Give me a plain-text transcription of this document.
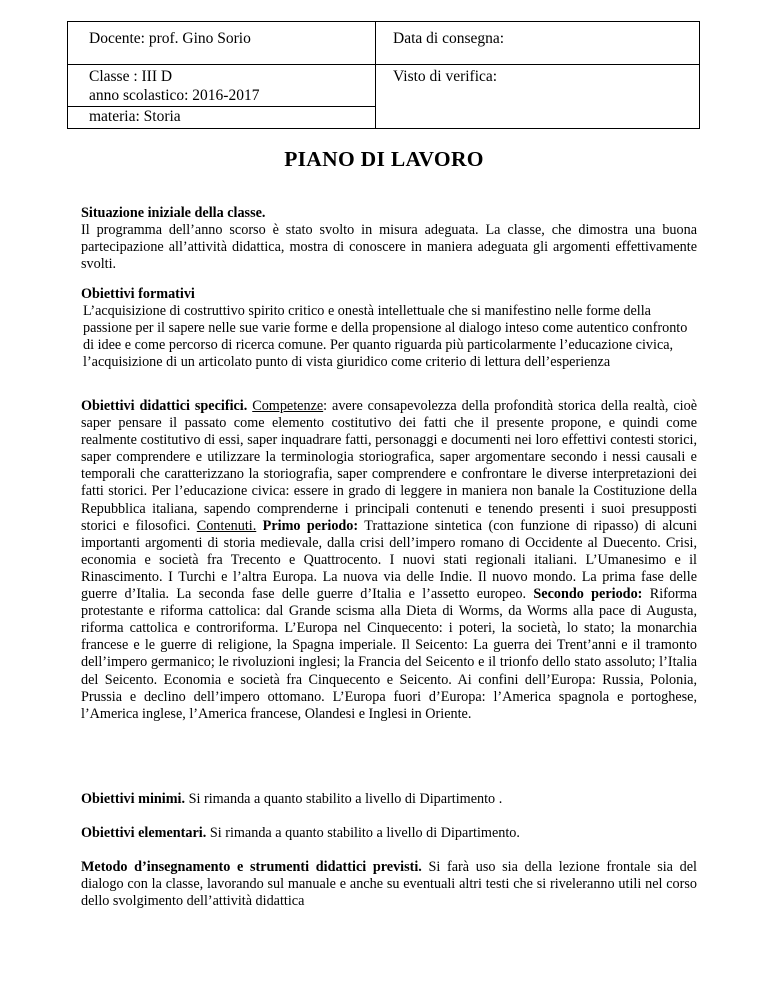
Docente: prof. Gino Sorio	Data di consegna:

Classe : III D
anno scolastico: 2016-2017
materia: Storia	Visto di verifica:
PIANO DI LAVORO

Situazione iniziale della classe.

Il programma dell’anno scorso è stato svolto in misura adeguata. La classe, che dimostra una buona partecipazione all’attività didattica, mostra di conoscere in maniera adeguata gli argomenti effettivamente svolti.

Obiettivi formativi

L’acquisizione di costruttivo spirito critico e onestà intellettuale che si manifestino nelle forme della passione per il sapere nelle sue varie forme e della propensione al dialogo inteso come autentico confronto di idee e come percorso di ricerca comune. Per quanto riguarda più particolarmente l’educazione civica, l’acquisizione di un articolato punto di vista giuridico come criterio di lettura dell’esperienza

Obiettivi didattici specifici. Competenze: avere consapevolezza della profondità storica della realtà, cioè saper pensare il passato come elemento costitutivo dei fatti che il presente propone, e quindi come realmente costitutivo di essi, saper inquadrare fatti, personaggi e documenti nei loro effettivi contesti storici, saper comprendere e utilizzare la terminologia storiografica, saper argomentare secondo i nessi causali e temporali che caratterizzano la storiografia, saper comprendere e confrontare le diverse interpretazioni dei fatti storici. Per l’educazione civica: essere in grado di leggere in maniera non banale la Costituzione della Repubblica italiana, sapendo comprenderne i principali contenuti e tenendo presenti i suoi presupposti storici e filosofici. Contenuti. Primo periodo: Trattazione sintetica (con funzione di ripasso) di alcuni importanti argomenti di storia medievale, dalla crisi dell’impero romano di Occidente al Duecento. Crisi, economia e società fra Trecento e Quattrocento. I nuovi stati regionali italiani. L’Umanesimo e il Rinascimento. I Turchi e l’altra Europa. La nuova via delle Indie. Il nuovo mondo. La prima fase delle guerre d’Italia. La seconda fase delle guerre d’Italia e l’assetto europeo. Secondo periodo: Riforma protestante e riforma cattolica: dal Grande scisma alla Dieta di Worms, da Worms alla pace di Augusta, riforma cattolica e controriforma. L’Europa nel Cinquecento: i poteri, la società, lo stato; la monarchia francese e le guerre di religione, la Spagna imperiale. Il Seicento: La guerra dei Trent’anni e il tramonto dell’impero germanico; le rivoluzioni inglesi; la Francia del Seicento e il trionfo dello stato assoluto; l’Italia del Seicento. Economia e società fra Cinquecento e Seicento. Ai confini dell’Europa: Russia, Polonia, Prussia e declino dell’impero ottomano. L’Europa fuori d’Europa: l’America spagnola e portoghese, l’America inglese, l’America francese, Olandesi e Inglesi in Oriente.

Obiettivi minimi. Si rimanda a quanto stabilito a livello di Dipartimento .

Obiettivi elementari. Si rimanda a quanto stabilito a livello di Dipartimento.

Metodo d’insegnamento e strumenti didattici previsti. Si farà uso sia della lezione frontale sia del dialogo con la classe, lavorando sul manuale e anche su eventuali altri testi che si riveleranno utili nel corso dello svolgimento dell’attività didattica
